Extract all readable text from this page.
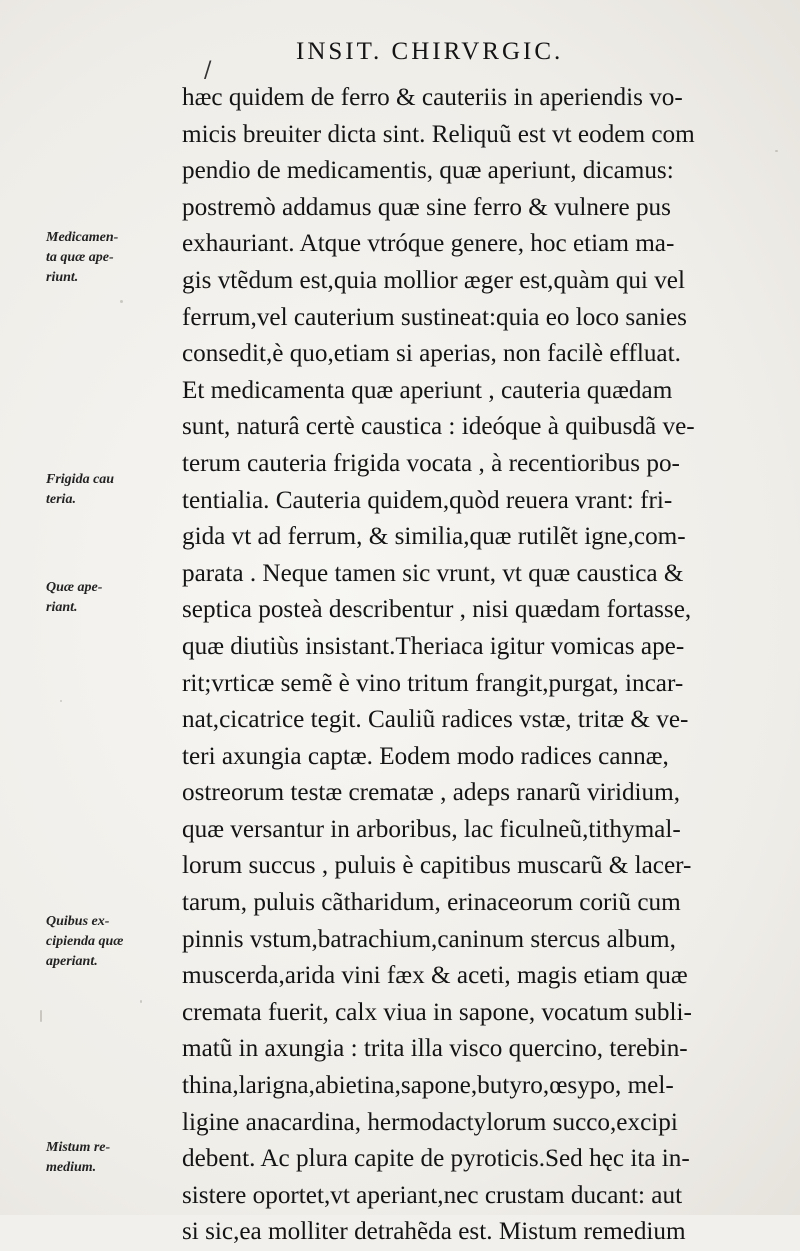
/
INSIT. CHIRVRGIC.
hæc quidem de ferro & cauteriis in aperiendis vo-
micis breuiter dicta sint. Reliquũ est vt eodem com
pendio de medicamentis, quæ aperiunt, dicamus:
postremò addamus quæ sine ferro & vulnere pus
exhauriant. Atque vtróque genere, hoc etiam ma-
gis vtẽdum est,quia mollior æger est,quàm qui vel
ferrum,vel cauterium sustineat:quia eo loco sanies
consedit,è quo,etiam si aperias, non facilè effluat.
Et medicamenta quæ aperiunt , cauteria quædam
sunt, naturâ certè caustica : ideóque à quibusdã ve-
terum cauteria frigida vocata , à recentioribus po-
tentialia. Cauteria quidem,quòd reuera vrant: fri-
gida vt ad ferrum, & similia,quæ rutilẽt igne,com-
parata . Neque tamen sic vrunt, vt quæ caustica &
septica posteà describentur , nisi quædam fortasse,
quæ diutiùs insistant.Theriaca igitur vomicas ape-
rit;vrticæ semẽ è vino tritum frangit,purgat, incar-
nat,cicatrice tegit. Cauliũ radices vstæ, tritæ & ve-
teri axungia captæ. Eodem modo radices cannæ,
ostreorum testæ crematæ , adeps ranarũ viridium,
quæ versantur in arboribus, lac ficulneũ,tithymal-
lorum succus , puluis è capitibus muscarũ & lacer-
tarum, puluis cãtharidum, erinaceorum coriũ cum
pinnis vstum,batrachium,caninum stercus album,
muscerda,arida vini fæx & aceti, magis etiam quæ
cremata fuerit, calx viua in sapone, vocatum subli-
matũ in axungia : trita illa visco quercino, terebin-
thina,larigna,abietina,sapone,butyro,œsypo, mel-
ligine anacardina, hermodactylorum succo,excipi
debent. Ac plura capite de pyroticis.Sed hęc ita in-
sistere oportet,vt aperiant,nec crustam ducant: aut
si sic,ea molliter detrahẽda est. Mistum remedium
Medicamen-
ta quæ ape-
riunt.
Frigida cau
teria.
Quæ ape-
riant.
Quibus ex-
cipienda quæ
aperiant.
Mistum re-
medium.
